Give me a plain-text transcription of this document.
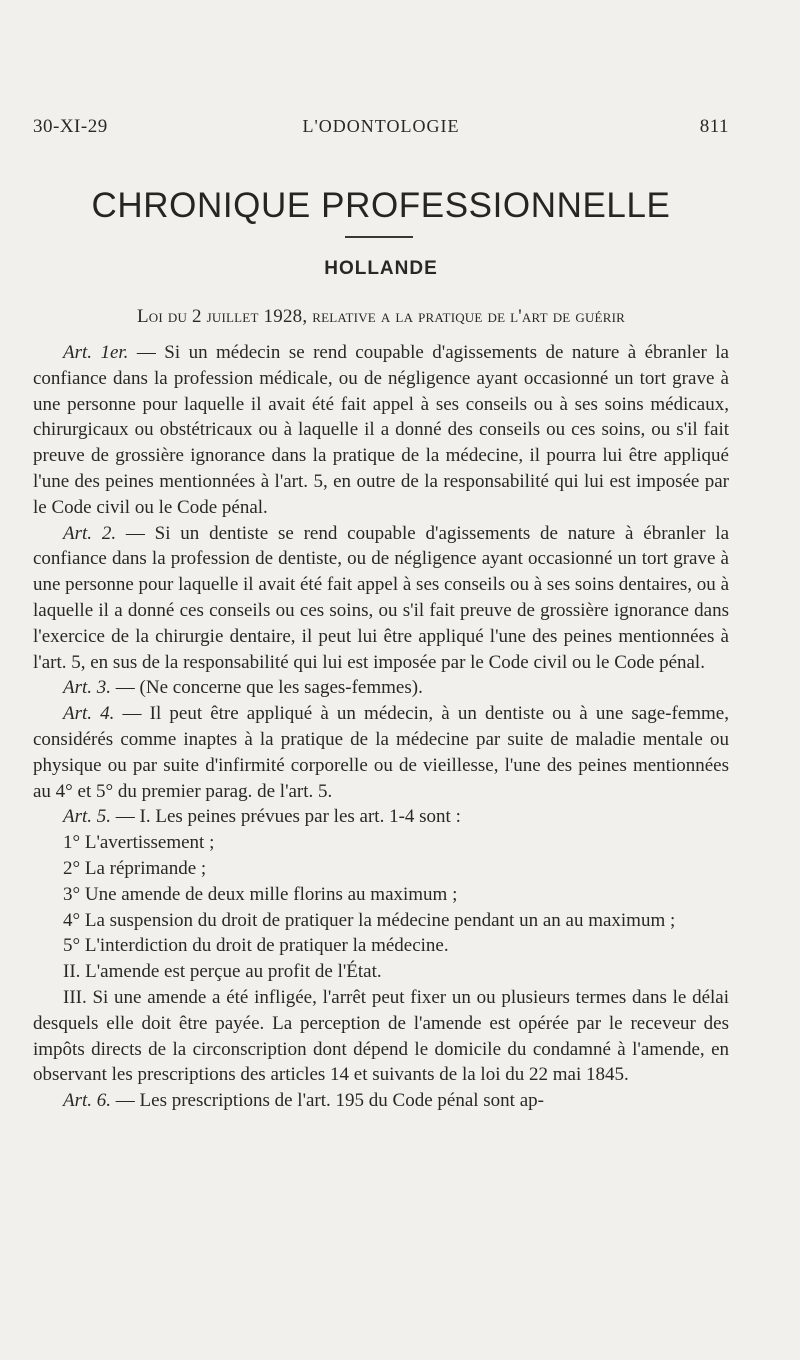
30-XI-29	L'ODONTOLOGIE	811
CHRONIQUE PROFESSIONNELLE
HOLLANDE
Loi du 2 juillet 1928, relative a la pratique de l'art de guérir

Art. 1er. — Si un médecin se rend coupable d'agissements de nature à ébranler la confiance dans la profession médicale, ou de négligence ayant occasionné un tort grave à une personne pour laquelle il avait été fait appel à ses conseils ou à ses soins médicaux, chirurgicaux ou obstétricaux ou à laquelle il a donné des conseils ou ces soins, ou s'il fait preuve de grossière ignorance dans la pratique de la médecine, il pourra lui être appliqué l'une des peines mentionnées à l'art. 5, en outre de la responsabilité qui lui est imposée par le Code civil ou le Code pénal.

Art. 2. — Si un dentiste se rend coupable d'agissements de nature à ébranler la confiance dans la profession de dentiste, ou de négligence ayant occasionné un tort grave à une personne pour laquelle il avait été fait appel à ses conseils ou à ses soins dentaires, ou à laquelle il a donné ces conseils ou ces soins, ou s'il fait preuve de grossière ignorance dans l'exercice de la chirurgie dentaire, il peut lui être appliqué l'une des peines mentionnées à l'art. 5, en sus de la responsabilité qui lui est imposée par le Code civil ou le Code pénal.

Art. 3. — (Ne concerne que les sages-femmes).

Art. 4. — Il peut être appliqué à un médecin, à un dentiste ou à une sage-femme, considérés comme inaptes à la pratique de la médecine par suite de maladie mentale ou physique ou par suite d'infirmité corporelle ou de vieillesse, l'une des peines mentionnées au 4° et 5° du premier parag. de l'art. 5.

Art. 5. — I. Les peines prévues par les art. 1-4 sont :

1° L'avertissement ;

2° La réprimande ;

3° Une amende de deux mille florins au maximum ;

4° La suspension du droit de pratiquer la médecine pendant un an au maximum ;

5° L'interdiction du droit de pratiquer la médecine.

II. L'amende est perçue au profit de l'État.

III. Si une amende a été infligée, l'arrêt peut fixer un ou plusieurs termes dans le délai desquels elle doit être payée. La perception de l'amende est opérée par le receveur des impôts directs de la circonscription dont dépend le domicile du condamné à l'amende, en observant les prescriptions des articles 14 et suivants de la loi du 22 mai 1845.

Art. 6. — Les prescriptions de l'art. 195 du Code pénal sont ap-
